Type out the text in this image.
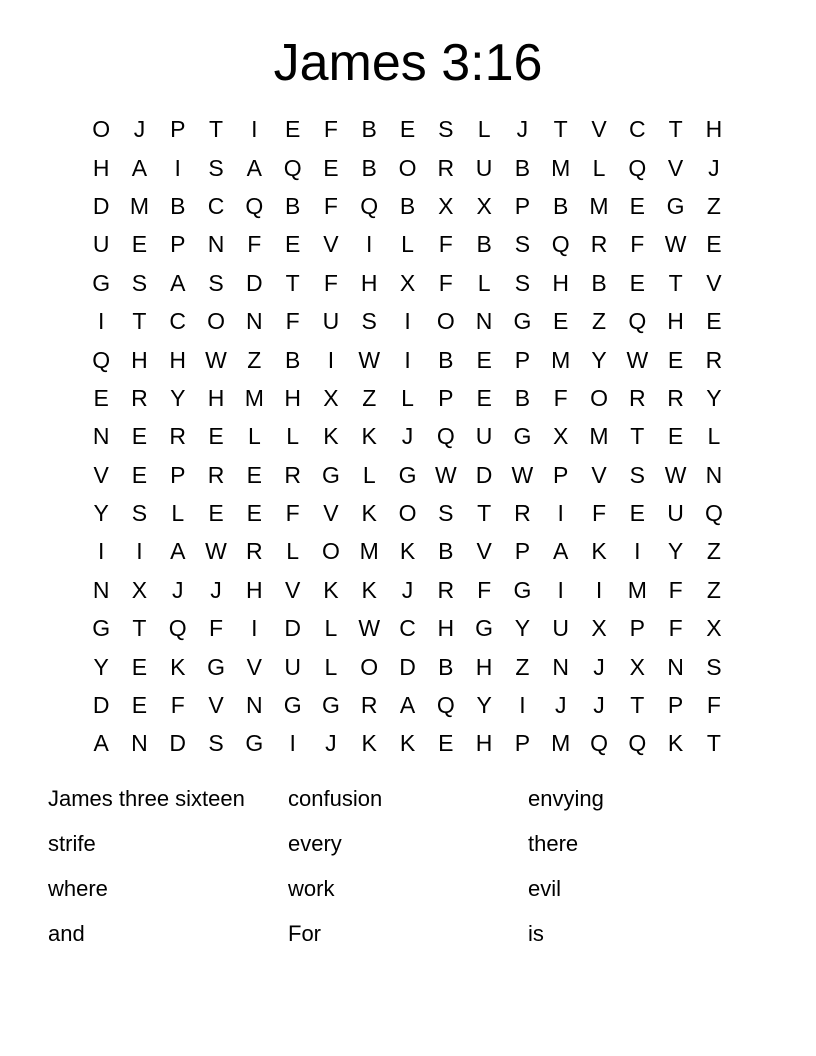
James 3:16
O	J	P	T	I	E	F	B E S	L	J	T	V C T H
H A	I	S A Q E B O R U B M L Q V	J
D M B C Q B	F Q B X X P B M E G Z
U E P N F	E V	I	L	F	B S Q R F W E
G S A S D T	F H X	F	L	S H B E	T	V
I	T C O N F U S	I	O N G E	Z Q H E
Q H H W Z	B	I	W	I	B E P M Y W E R
E R Y H M H X	Z	L	P E B	F O R R Y
N E R E	L	L	K K	J	Q U G X M T	E	L
V E P R E R G L G W D W P V S W N
Y S	L	E E	F	V K O S	T R	I	F	E U Q
I	I	A W R	L O M K B V P A K	I	Y	Z
N X	J	J	H V K K	J	R F G	I	I	M F	Z
G T Q F	I	D	L W C H G Y U X P	F	X
Y E K G V U	L O D B H Z N	J	X N S
D E	F	V N G G R A Q Y	I	J	J	T	P	F
A N D S G	I	J	K K E H P M Q Q K	T
James three sixteen	confusion	envying
strife	every	there
where	work	evil
and	For	is
